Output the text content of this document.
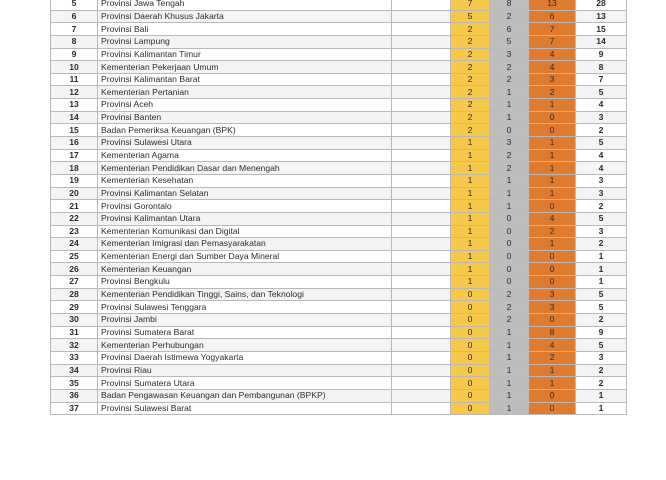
5	Provinsi Jawa Tengah		7	8	13	28
6	Provinsi Daerah Khusus Jakarta		5	2	6	13
7	Provinsi Bali		2	6	7	15
8	Provinsi Lampung		2	5	7	14
9	Provinsi Kalimantan Timur		2	3	4	9
10	Kementerian Pekerjaan Umum		2	2	4	8
11	Provinsi Kalimantan Barat		2	2	3	7
12	Kementerian Pertanian		2	1	2	5
13	Provinsi Aceh		2	1	1	4
14	Provinsi Banten		2	1	0	3
15	Badan Pemeriksa Keuangan (BPK)		2	0	0	2
16	Provinsi Sulawesi Utara		1	3	1	5
17	Kementerian Agama		1	2	1	4
18	Kementerian Pendidikan Dasar dan Menengah		1	2	1	4
19	Kementerian Kesehatan		1	1	1	3
20	Provinsi Kalimantan Selatan		1	1	1	3
21	Provinsi Gorontalo		1	1	0	2
22	Provinsi Kalimantan Utara		1	0	4	5
23	Kementerian Komunikasi dan Digital		1	0	2	3
24	Kementerian Imigrasi dan Pemasyarakatan		1	0	1	2
25	Kementerian Energi dan Sumber Daya Mineral		1	0	0	1
26	Kementerian Keuangan		1	0	0	1
27	Provinsi Bengkulu		1	0	0	1
28	Kementerian Pendidikan Tinggi, Sains, dan Teknologi		0	2	3	5
29	Provinsi Sulawesi Tenggara		0	2	3	5
30	Provinsi Jambi		0	2	0	2
31	Provinsi Sumatera Barat		0	1	8	9
32	Kementerian Perhubungan		0	1	4	5
33	Provinsi Daerah Istimewa Yogyakarta		0	1	2	3
34	Provinsi Riau		0	1	1	2
35	Provinsi Sumatera Utara		0	1	1	2
36	Badan Pengawasan Keuangan dan Pembangunan (BPKP)		0	1	0	1
37	Provinsi Sulawesi Barat		0	1	0	1
